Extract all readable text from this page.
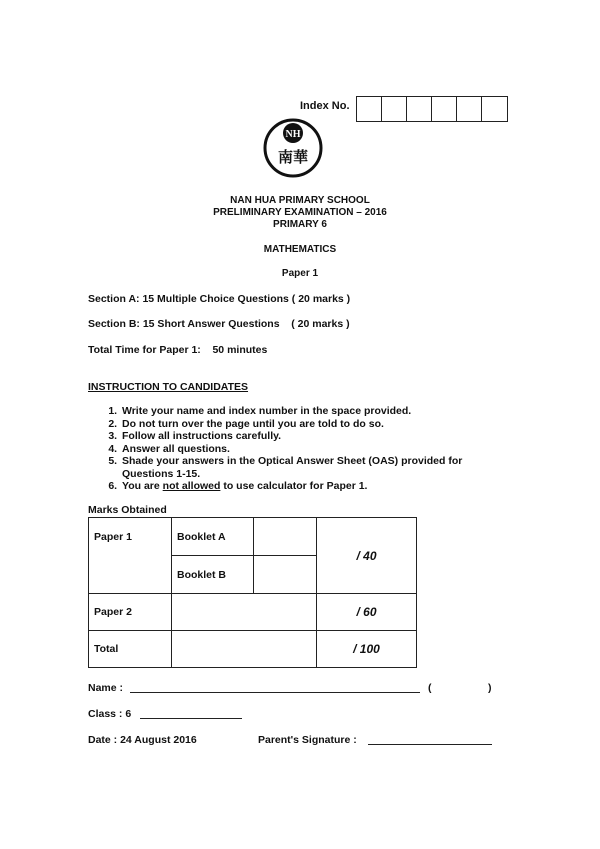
Index No.
NH
南華
NAN HUA PRIMARY SCHOOL
PRELIMINARY EXAMINATION – 2016
PRIMARY 6
MATHEMATICS
Paper 1
Section A: 15 Multiple Choice Questions ( 20 marks )
Section B: 15 Short Answer Questions    ( 20 marks )
Total Time for Paper 1:    50 minutes
INSTRUCTION TO CANDIDATES
1. Write your name and index number in the space provided.
2. Do not turn over the page until you are told to do so.
3. Follow all instructions carefully.
4. Answer all questions.
5. Shade your answers in the Optical Answer Sheet (OAS) provided for Questions 1-15.
6. You are not allowed to use calculator for Paper 1.
Marks Obtained
Paper 1	Booklet A		/ 40
	Booklet B		
Paper 2			/ 60
Total			/ 100
Name :	(	)
Class : 6
Date : 24 August 2016	Parent's Signature :
